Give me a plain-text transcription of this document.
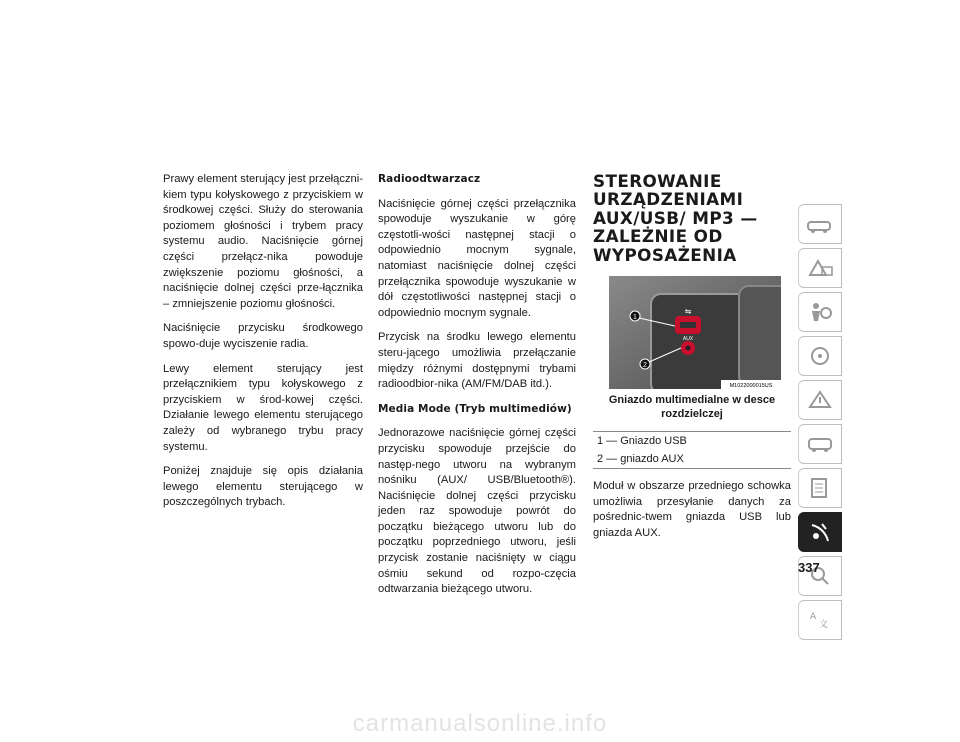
Prawy element sterujący jest przełączni-kiem typu kołyskowego z przyciskiem w środkowej części. Służy do sterowania poziomem głośności i trybem pracy systemu audio. Naciśnięcie górnej części przełącz-nika powoduje zwiększenie poziomu głośności, a naciśnięcie dolnej części prze-łącznika – zmniejszenie poziomu głośności.

Naciśnięcie przycisku środkowego spowo-duje wyciszenie radia.

Lewy element sterujący jest przełącznikiem typu kołyskowego z przyciskiem w środ-kowej części. Działanie lewego elementu sterującego zależy od wybranego trybu pracy systemu.

Poniżej znajduje się opis działania lewego elementu sterującego w poszczególnych trybach.

Radioodtwarzacz

Naciśnięcie górnej części przełącznika spowoduje wyszukanie w górę częstotli-wości następnej stacji o odpowiednio mocnym sygnale, natomiast naciśnięcie dolnej części przełącznika spowoduje wyszukanie w dół częstotliwości następnej stacji o odpowiednio mocnym sygnale.

Przycisk na środku lewego elementu steru-jącego umożliwia przełączanie między różnymi dostępnymi trybami radioodbior-nika (AM/FM/DAB itd.).

Media Mode (Tryb multimediów)

Jednorazowe naciśnięcie górnej części przycisku spowoduje przejście do następ-nego utworu na wybranym nośniku (AUX/ USB/Bluetooth®). Naciśnięcie dolnej części przycisku jeden raz spowoduje powrót do początku bieżącego utworu lub do początku poprzedniego utworu, jeśli przycisk zostanie naciśnięty w ciągu ośmiu sekund od rozpo-częcia odtwarzania bieżącego utworu.

STEROWANIE URZĄDZENIAMI AUX/USB/ MP3 — ZALEŻNIE OD WYPOSAŻENIA
1
2
⇋
AUX
M1022000015US
Gniazdo multimedialne w desce rozdzielczej
1 — Gniazdo USB
2 — gniazdo AUX

Moduł w obszarze przedniego schowka umożliwia przesyłanie danych za pośrednic-twem gniazda USB lub gniazda AUX.

A
文
337
carmanualsonline.info
